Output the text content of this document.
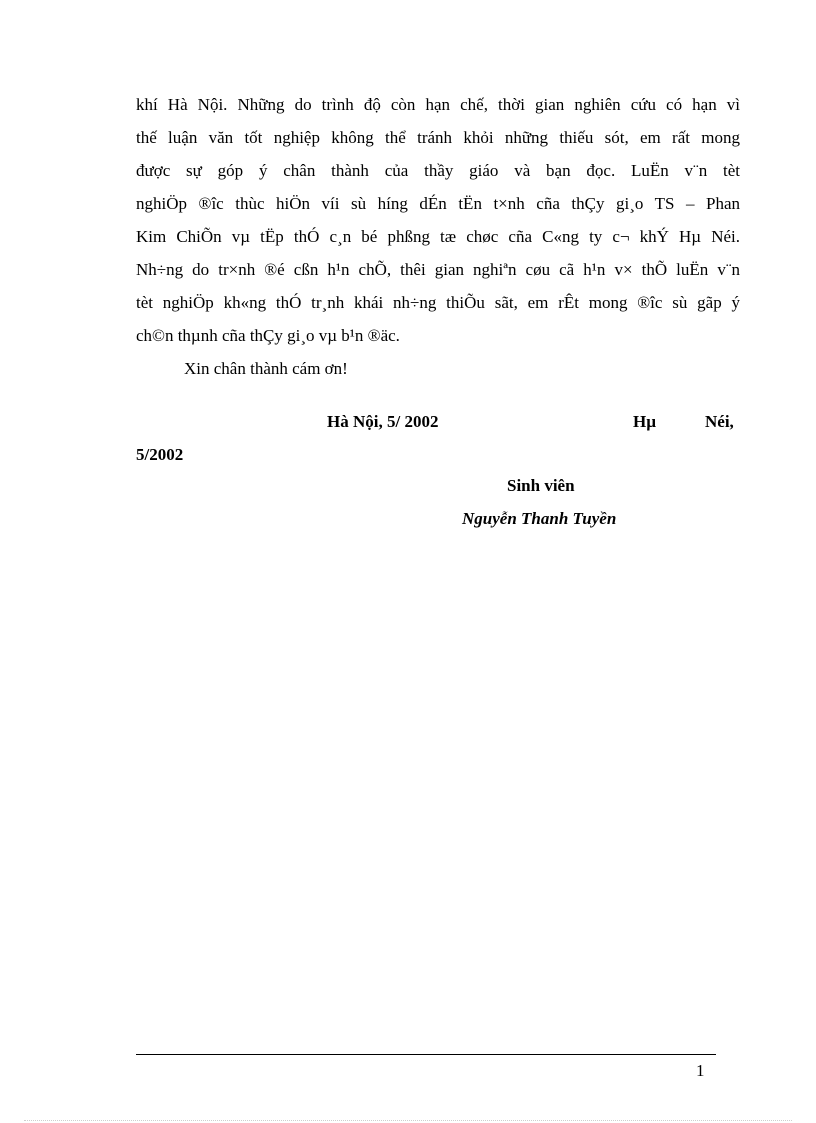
khí Hà Nội. Những do trình độ còn hạn chế, thời gian nghiên cứu có hạn vì
thế luận văn tốt nghiệp không thể tránh khỏi những thiếu sót, em rất mong
được sự góp ý chân thành của thầy giáo và bạn đọc. LuËn v¨n tèt
nghiÖp ®îc thùc hiÖn víi sù híng dÉn tËn t×nh cña thÇy gi¸o TS – Phan
Kim ChiÕn vµ tËp thÓ c¸n bé phßng tæ chøc cña C«ng ty c¬ khÝ Hµ Néi.
Nh÷ng do tr×nh ®é cßn h¹n chÕ, thêi gian nghiªn cøu cã h¹n v× thÕ luËn v¨n
tèt nghiÖp kh«ng thÓ tr¸nh khái nh÷ng thiÕu sãt, em rÊt mong ®îc sù gãp ý
ch©n thµnh cña thÇy gi¸o vµ b¹n ®äc.
Xin chân thành cám ơn!
Hà Nội, 5/ 2002	Hµ	Néi,
5/2002
Sinh viên
Nguyễn Thanh Tuyền
1
